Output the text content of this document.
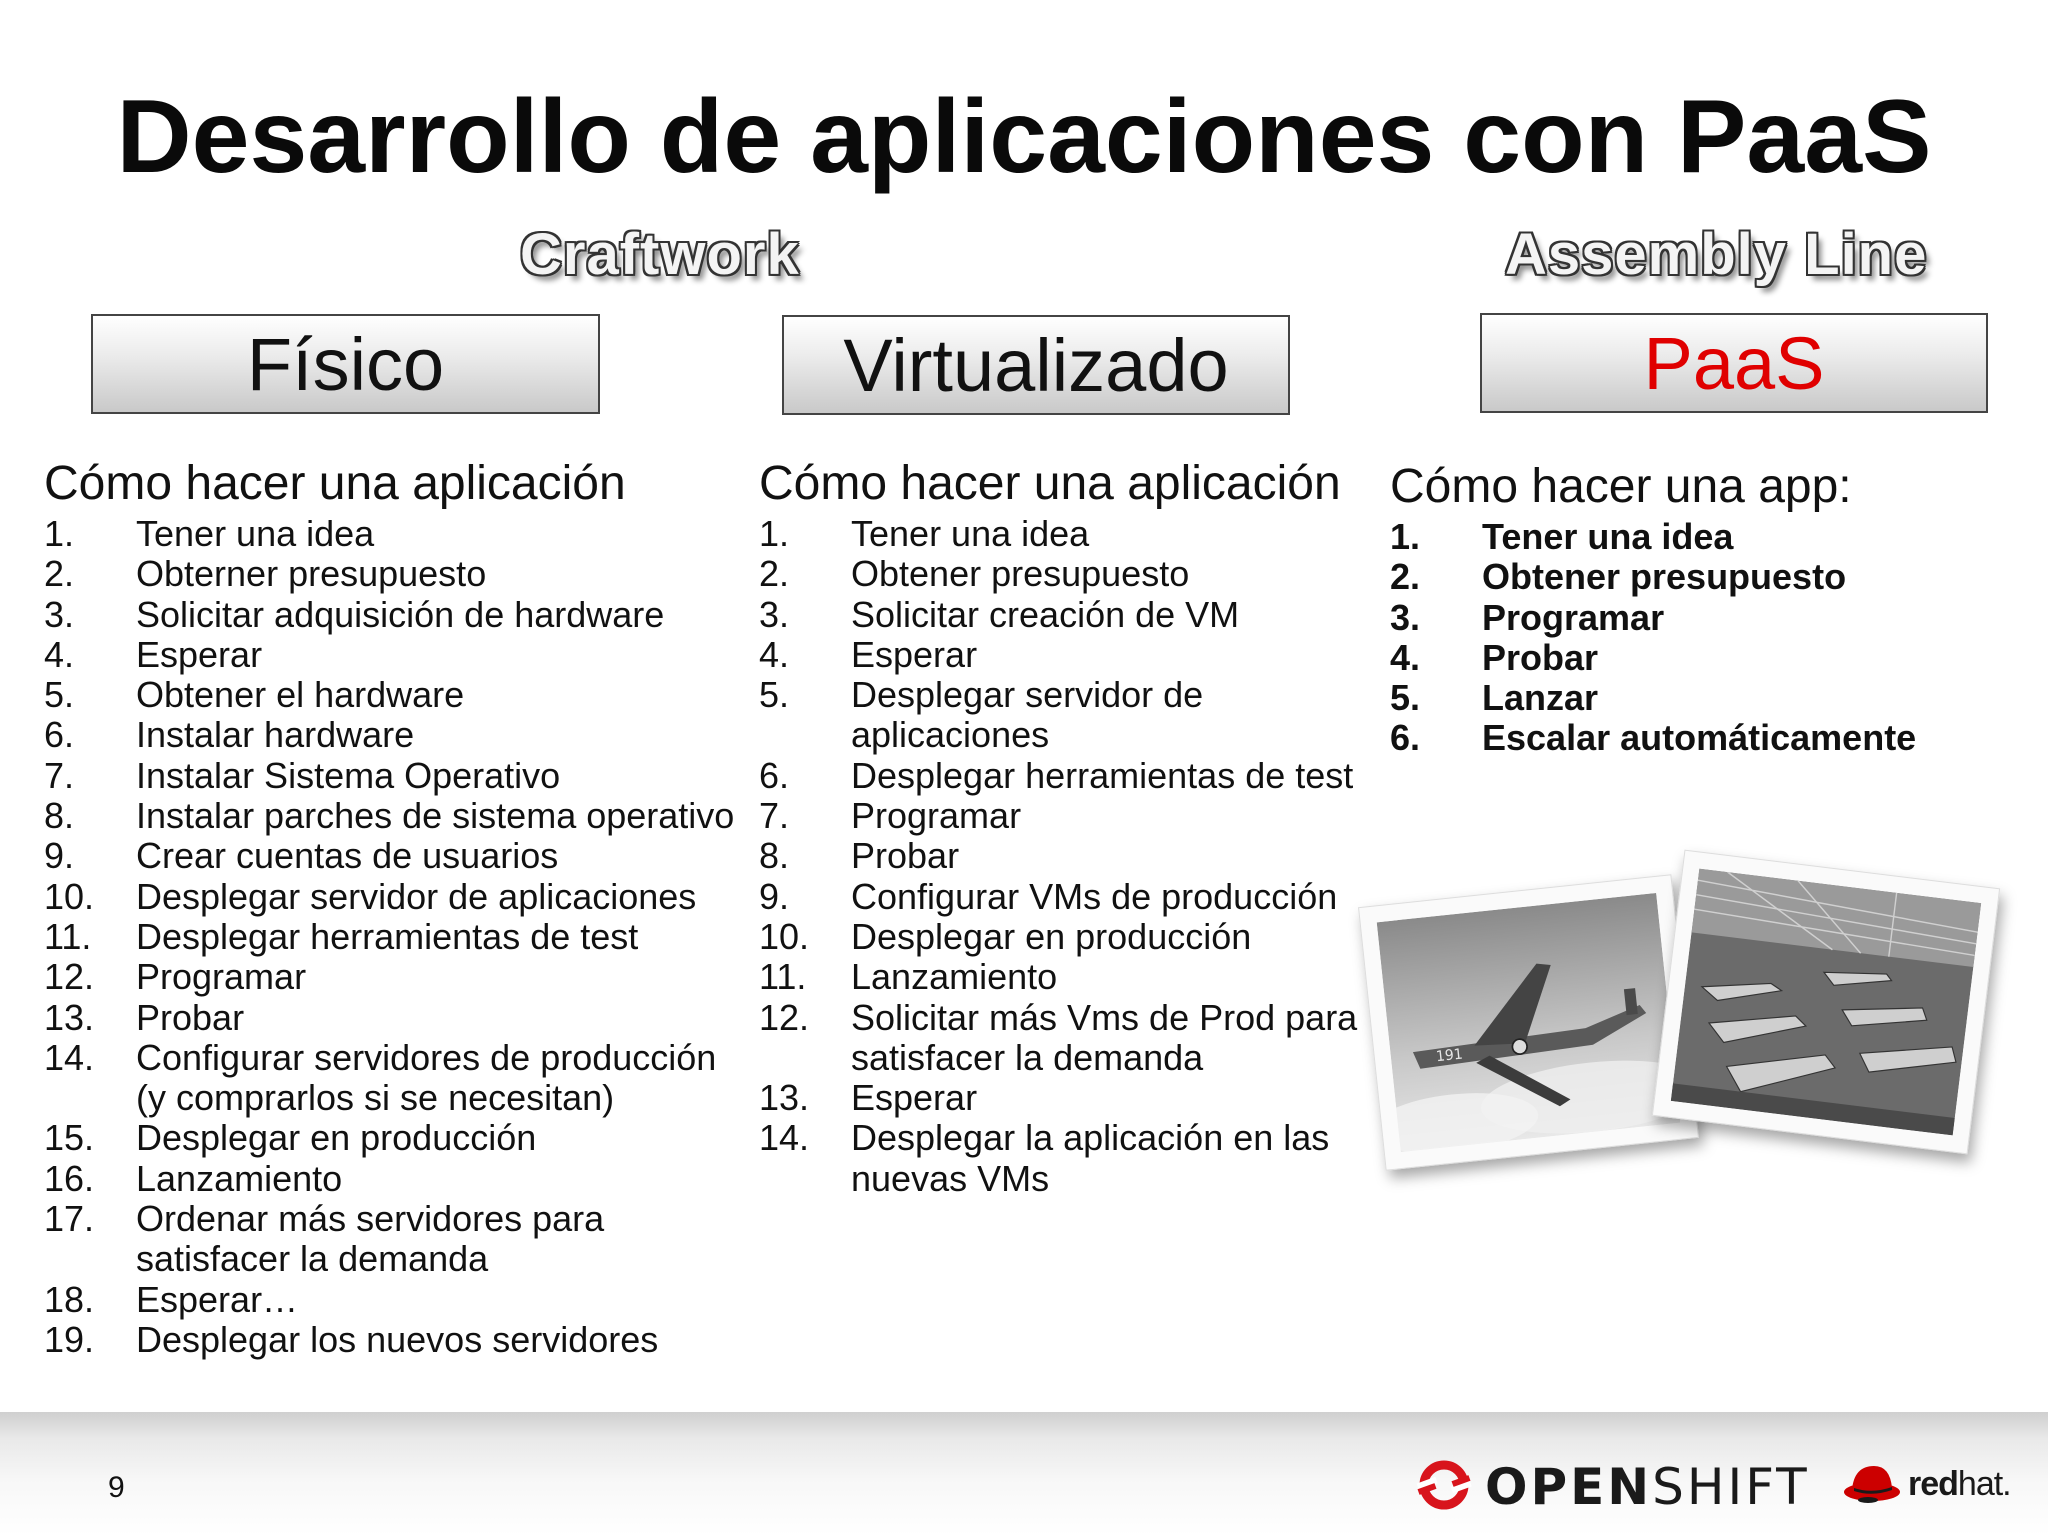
Desarrollo de aplicaciones con PaaS
Craftwork	Assembly Line
Físico	Virtualizado	PaaS
Cómo hacer una aplicación
1. Tener una idea
2. Obterner presupuesto
3. Solicitar adquisición de hardware
4. Esperar
5. Obtener el hardware
6. Instalar hardware
7. Instalar Sistema Operativo
8. Instalar parches de sistema operativo
9. Crear cuentas de usuarios
10. Desplegar servidor de aplicaciones
11. Desplegar herramientas de test
12. Programar
13. Probar
14. Configurar servidores de producción (y comprarlos si se necesitan)
15. Desplegar en producción
16. Lanzamiento
17. Ordenar más servidores para satisfacer la demanda
18. Esperar…
19. Desplegar los nuevos servidores
Cómo hacer una aplicación
1. Tener una idea
2. Obtener presupuesto
3. Solicitar creación de VM
4. Esperar
5. Desplegar servidor de aplicaciones
6. Desplegar herramientas de test
7. Programar
8. Probar
9. Configurar VMs de producción
10. Desplegar en producción
11. Lanzamiento
12. Solicitar más Vms de Prod para satisfacer la demanda
13. Esperar
14. Desplegar la aplicación en las nuevas VMs
Cómo hacer una app:
1. Tener una idea
2. Obtener presupuesto
3. Programar
4. Probar
5. Lanzar
6. Escalar automáticamente
191
9	OPENSHIFT	redhat.
